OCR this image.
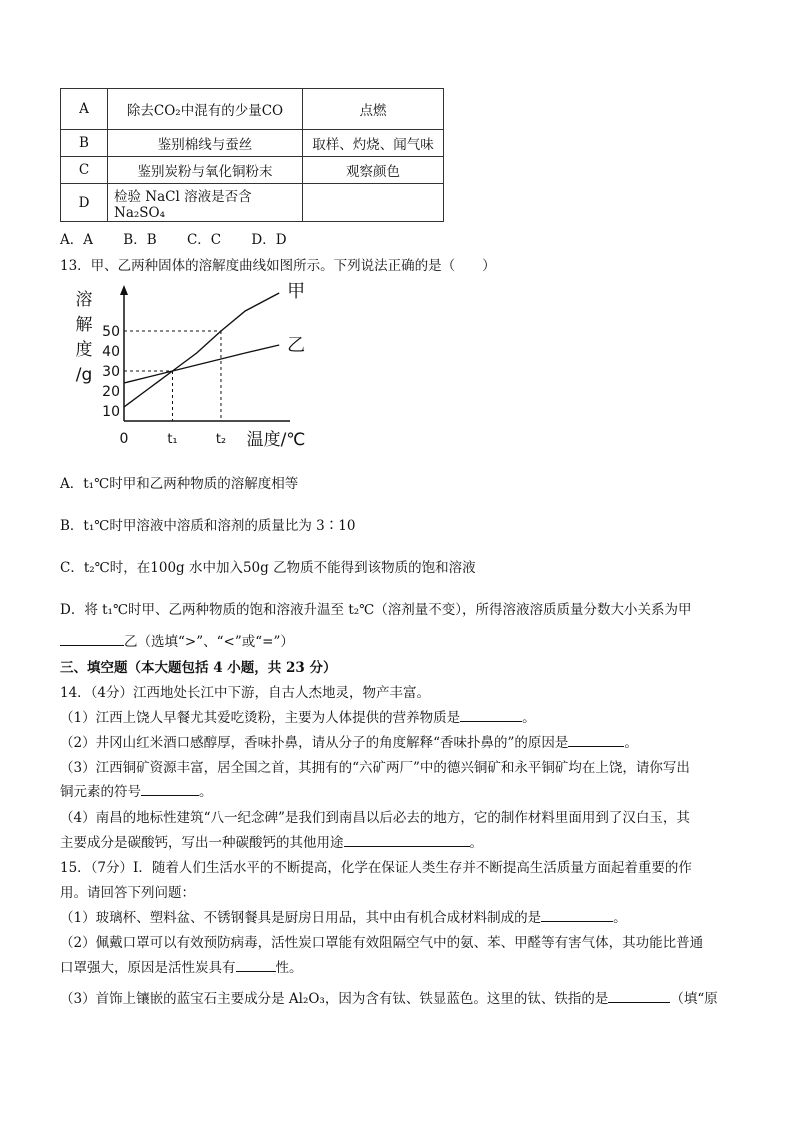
A	除去CO₂中混有的少量CO	点燃
B	鉴别棉线与蚕丝	取样、灼烧、闻气味
C	鉴别炭粉与氧化铜粉末	观察颜色
D	检验 NaCl 溶液是否含 Na₂SO₄	
A．A B．B C．C D．D
13．甲、乙两种固体的溶解度曲线如图所示。下列说法正确的是（　　）
溶
解
度
/g
10
20
30
40
50
0	t₁	t₂ 温度/℃
甲
乙
A．t₁℃时甲和乙两种物质的溶解度相等
B．t₁℃时甲溶液中溶质和溶剂的质量比为 3∶10
C．t₂℃时，在100g 水中加入50g 乙物质不能得到该物质的饱和溶液
D．将 t₁℃时甲、乙两种物质的饱和溶液升温至 t₂℃（溶剂量不变），所得溶液溶质质量分数大小关系为甲
乙（选填“>”、“<”或“=”）
三、填空题（本大题包括 4 小题，共 23 分）
14．（4分）江西地处长江中下游，自古人杰地灵，物产丰富。
（1）江西上饶人早餐尤其爱吃烫粉，主要为人体提供的营养物质是	。
（2）井冈山红米酒口感醇厚，香味扑鼻，请从分子的角度解释“香味扑鼻的”的原因是	。
（3）江西铜矿资源丰富，居全国之首，其拥有的“六矿两厂”中的德兴铜矿和永平铜矿均在上饶，请你写出
铜元素的符号	。
（4）南昌的地标性建筑“八一纪念碑”是我们到南昌以后必去的地方，它的制作材料里面用到了汉白玉，其
主要成分是碳酸钙，写出一种碳酸钙的其他用途	。
15．（7分）Ⅰ．随着人们生活水平的不断提高，化学在保证人类生存并不断提高生活质量方面起着重要的作
用。请回答下列问题：
（1）玻璃杯、塑料盆、不锈钢餐具是厨房日用品，其中由有机合成材料制成的是	。
（2）佩戴口罩可以有效预防病毒，活性炭口罩能有效阻隔空气中的氨、苯、甲醛等有害气体，其功能比普通
口罩强大，原因是活性炭具有	性。
（3）首饰上镶嵌的蓝宝石主要成分是 Al₂O₃，因为含有钛、铁显蓝色。这里的钛、铁指的是	（填“原
